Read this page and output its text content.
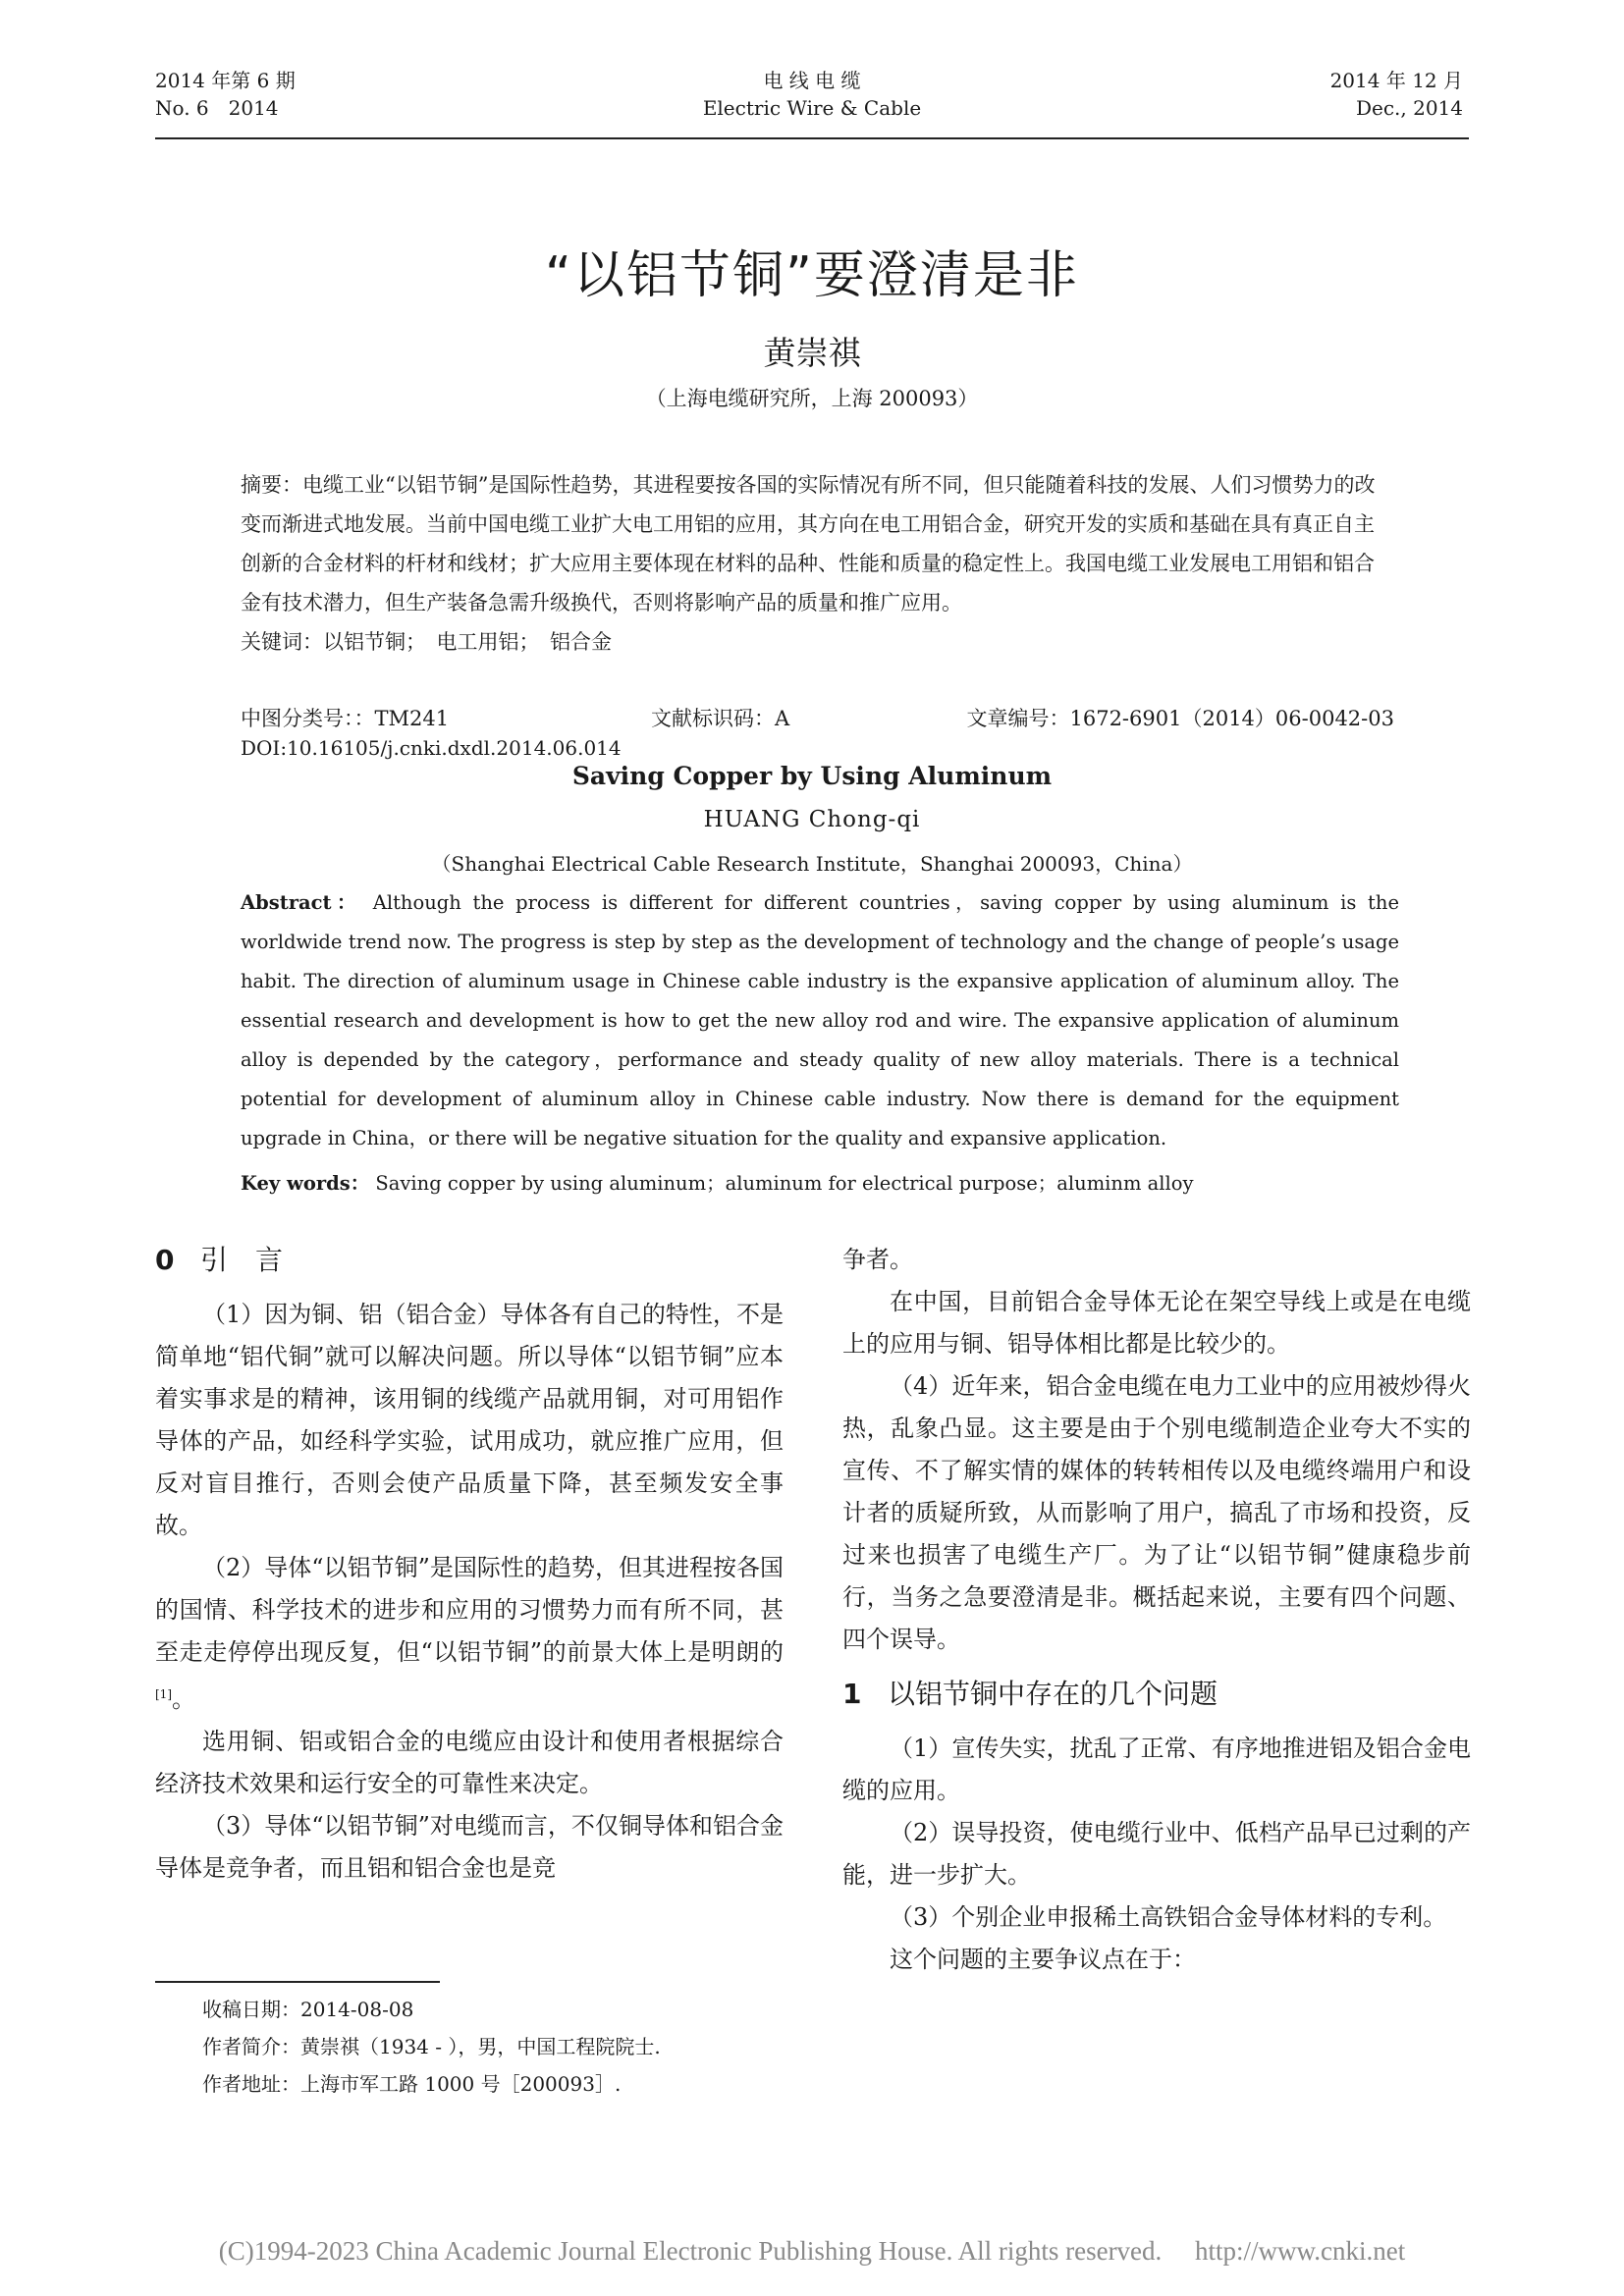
2014 年第 6 期
No. 6　2014
电 线 电 缆
Electric Wire & Cable
2014 年 12 月
Dec., 2014
“以铝节铜”要澄清是非
黄崇祺
（上海电缆研究所，上海 200093）

摘要：电缆工业“以铝节铜”是国际性趋势，其进程要按各国的实际情况有所不同，但只能随着科技的发展、人们习惯势力的改变而渐进式地发展。当前中国电缆工业扩大电工用铝的应用，其方向在电工用铝合金，研究开发的实质和基础在具有真正自主创新的合金材料的杆材和线材；扩大应用主要体现在材料的品种、性能和质量的稳定性上。我国电缆工业发展电工用铝和铝合金有技术潜力，但生产装备急需升级换代，否则将影响产品的质量和推广应用。

关键词：以铝节铜；　电工用铝；　铝合金

中图分类号：：TM241	文献标识码：A	文章编号：1672-6901（2014）06-0042-03
DOI:10.16105/j.cnki.dxdl.2014.06.014
Saving Copper by Using Aluminum
HUANG Chong-qi
（Shanghai Electrical Cable Research Institute，Shanghai 200093，China）
Abstract： Although the process is different for different countries，saving copper by using aluminum is the worldwide trend now. The progress is step by step as the development of technology and the change of people’s usage habit. The direction of aluminum usage in Chinese cable industry is the expansive application of aluminum alloy. The essential research and development is how to get the new alloy rod and wire. The expansive application of aluminum alloy is depended by the category，performance and steady quality of new alloy materials. There is a technical potential for development of aluminum alloy in Chinese cable industry. Now there is demand for the equipment upgrade in China，or there will be negative situation for the quality and expansive application.
Key words： Saving copper by using aluminum；aluminum for electrical purpose；aluminm alloy
0 引　言

（1）因为铜、铝（铝合金）导体各有自己的特性，不是简单地“铝代铜”就可以解决问题。所以导体“以铝节铜”应本着实事求是的精神，该用铜的线缆产品就用铜，对可用铝作导体的产品，如经科学实验，试用成功，就应推广应用，但反对盲目推行，否则会使产品质量下降，甚至频发安全事故。

（2）导体“以铝节铜”是国际性的趋势，但其进程按各国的国情、科学技术的进步和应用的习惯势力而有所不同，甚至走走停停出现反复，但“以铝节铜”的前景大体上是明朗的[1]。

选用铜、铝或铝合金的电缆应由设计和使用者根据综合经济技术效果和运行安全的可靠性来决定。

（3）导体“以铝节铜”对电缆而言，不仅铜导体和铝合金导体是竞争者，而且铝和铝合金也是竞

争者。

在中国，目前铝合金导体无论在架空导线上或是在电缆上的应用与铜、铝导体相比都是比较少的。

（4）近年来，铝合金电缆在电力工业中的应用被炒得火热，乱象凸显。这主要是由于个别电缆制造企业夸大不实的宣传、不了解实情的媒体的转转相传以及电缆终端用户和设计者的质疑所致，从而影响了用户，搞乱了市场和投资，反过来也损害了电缆生产厂。为了让“以铝节铜”健康稳步前行，当务之急要澄清是非。概括起来说，主要有四个问题、四个误导。

1 以铝节铜中存在的几个问题

（1）宣传失实，扰乱了正常、有序地推进铝及铝合金电缆的应用。

（2）误导投资，使电缆行业中、低档产品早已过剩的产能，进一步扩大。

（3）个别企业申报稀土高铁铝合金导体材料的专利。

这个问题的主要争议点在于：

收稿日期：2014-08-08
作者简介：黄崇祺（1934 - ），男，中国工程院院士.
作者地址：上海市军工路 1000 号［200093］.
(C)1994-2023 China Academic Journal Electronic Publishing House. All rights reserved.　 http://www.cnki.net
